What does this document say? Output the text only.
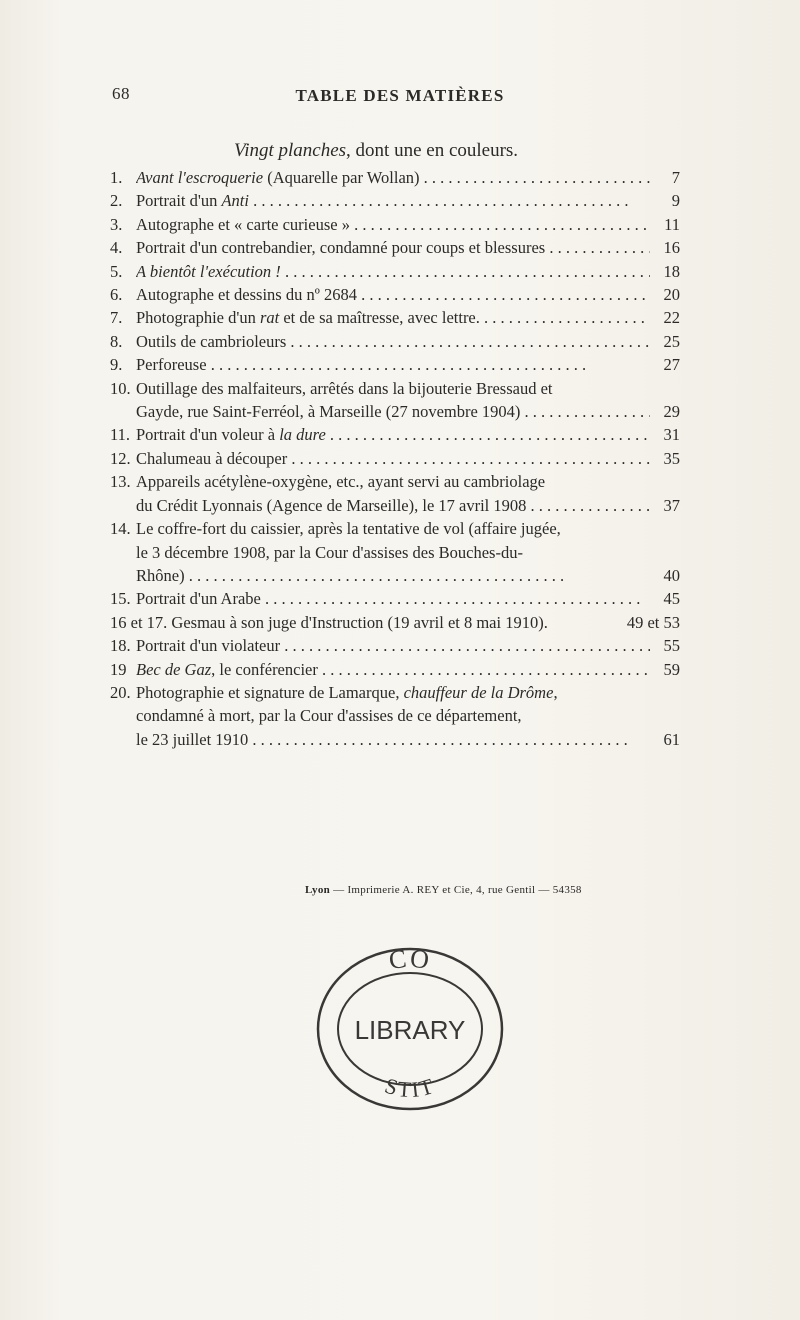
68	TABLE DES MATIÈRES
Vingt planches, dont une en couleurs.
1. Avant l'escroquerie (Aquarelle par Wollan) . . .	7
2. Portrait d'un Anti . . .	9
3. Autographe et « carte curieuse » . . .	11
4. Portrait d'un contrebandier, condamné pour coups et blessures . . .	16
5. A bientôt l'exécution ! . . .	18
6. Autographe et dessins du nº 2684 . . .	20
7. Photographie d'un rat et de sa maîtresse, avec lettre. . . .	22
8. Outils de cambrioleurs . . .	25
9. Perforeuse . . .	27
10. Outillage des malfaiteurs, arrêtés dans la bijouterie Bressaud et
Gayde, rue Saint-Ferréol, à Marseille (27 novembre 1904) . . .	29
11. Portrait d'un voleur à la dure . . .	31
12. Chalumeau à découper . . .	35
13. Appareils acétylène-oxygène, etc., ayant servi au cambriolage
du Crédit Lyonnais (Agence de Marseille), le 17 avril 1908 . . .	37
14. Le coffre-fort du caissier, après la tentative de vol (affaire jugée,
le 3 décembre 1908, par la Cour d'assises des Bouches-du-
Rhône) . . .	40
15. Portrait d'un Arabe . . .	45
16 et 17. Gesmau à son juge d'Instruction (19 avril et 8 mai 1910).	49 et 53
18. Portrait d'un violateur . . .	55
19 Bec de Gaz, le conférencier . . .	59
20. Photographie et signature de Lamarque, chauffeur de la Drôme,
condamné à mort, par la Cour d'assises de ce département,
le 23 juillet 1910 . . .	61
Lyon — Imprimerie A. REY et Cie, 4, rue Gentil — 54358
CO
LIBRARY
STIT
